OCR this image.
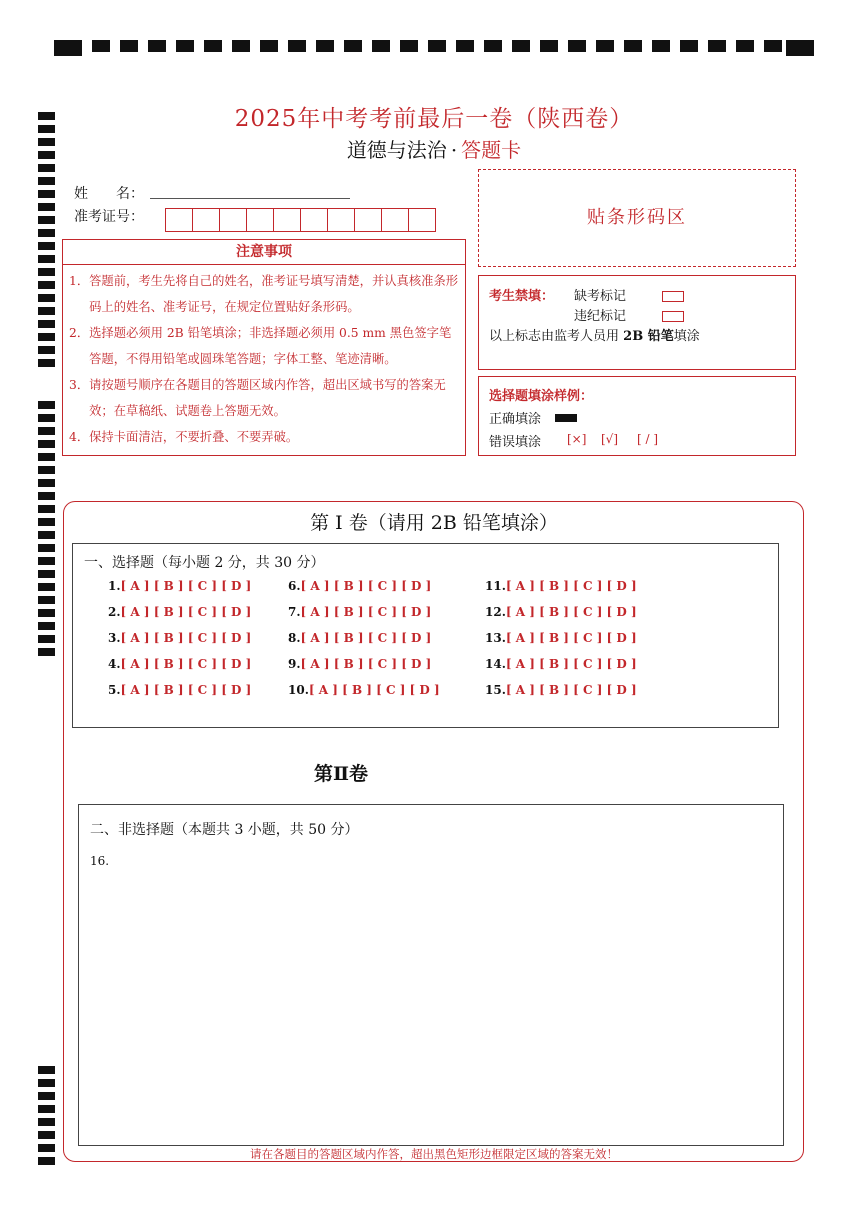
2025年中考考前最后一卷（陕西卷）
道德与法治 · 答题卡
姓　　名：
准考证号：
注意事项
1． 答题前，考生先将自己的姓名，准考证号填写清楚，并认真核准条形码上的姓名、准考证号，在规定位置贴好条形码。
2． 选择题必须用 2B 铅笔填涂；非选择题必须用 0.5 mm 黑色签字笔答题，不得用铅笔或圆珠笔答题；字体工整、笔迹清晰。
3． 请按题号顺序在各题目的答题区域内作答，超出区域书写的答案无效；在草稿纸、试题卷上答题无效。
4． 保持卡面清洁，不要折叠、不要弄破。
贴条形码区
考生禁填： 缺考标记
违纪标记
以上标志由监考人员用 2B 铅笔填涂
选择题填涂样例：
正确填涂
错误填涂 [×] [√] [ / ]
第 I 卷（请用 2B 铅笔填涂）
一、选择题（每小题 2 分，共 30 分）
1.[ A ] [ B ] [ C ] [ D ]
2.[ A ] [ B ] [ C ] [ D ]
3.[ A ] [ B ] [ C ] [ D ]
4.[ A ] [ B ] [ C ] [ D ]
5.[ A ] [ B ] [ C ] [ D ]
6.[ A ] [ B ] [ C ] [ D ]
7.[ A ] [ B ] [ C ] [ D ]
8.[ A ] [ B ] [ C ] [ D ]
9.[ A ] [ B ] [ C ] [ D ]
10.[ A ] [ B ] [ C ] [ D ]
11.[ A ] [ B ] [ C ] [ D ]
12.[ A ] [ B ] [ C ] [ D ]
13.[ A ] [ B ] [ C ] [ D ]
14.[ A ] [ B ] [ C ] [ D ]
15.[ A ] [ B ] [ C ] [ D ]
第Ⅱ卷
二、非选择题（本题共 3 小题，共 50 分）
16.
请在各题目的答题区域内作答，超出黑色矩形边框限定区域的答案无效！
